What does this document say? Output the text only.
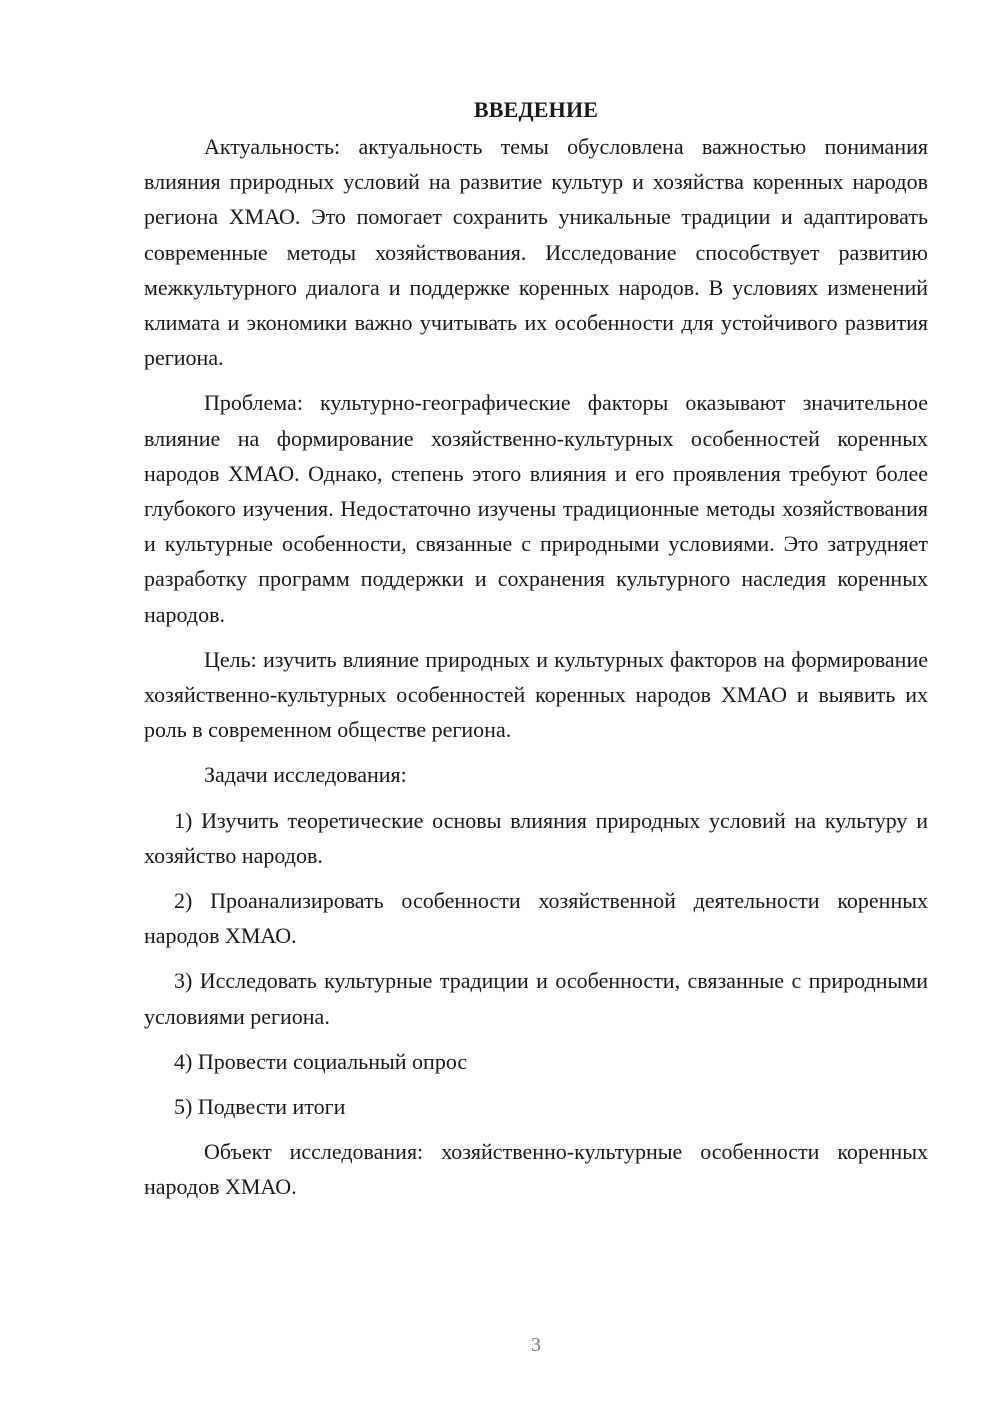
ВВЕДЕНИЕ

Актуальность: актуальность темы обусловлена важностью понимания влияния природных условий на развитие культур и хозяйства коренных народов региона ХМАО. Это помогает сохранить уникальные традиции и адаптировать современные методы хозяйствования. Исследование способствует развитию межкультурного диалога и поддержке коренных народов. В условиях изменений климата и экономики важно учитывать их особенности для устойчивого развития региона.

Проблема: культурно-географические факторы оказывают значительное влияние на формирование хозяйственно-культурных особенностей коренных народов ХМАО. Однако, степень этого влияния и его проявления требуют более глубокого изучения. Недостаточно изучены традиционные методы хозяйствования и культурные особенности, связанные с природными условиями. Это затрудняет разработку программ поддержки и сохранения культурного наследия коренных народов.

Цель: изучить влияние природных и культурных факторов на формирование хозяйственно-культурных особенностей коренных народов ХМАО и выявить их роль в современном обществе региона.

Задачи исследования:

1) Изучить теоретические основы влияния природных условий на культуру и хозяйство народов.

2) Проанализировать особенности хозяйственной деятельности коренных народов ХМАО.

3) Исследовать культурные традиции и особенности, связанные с природными условиями региона.

4) Провести социальный опрос

5) Подвести итоги

Объект исследования: хозяйственно-культурные особенности коренных народов ХМАО.

3
